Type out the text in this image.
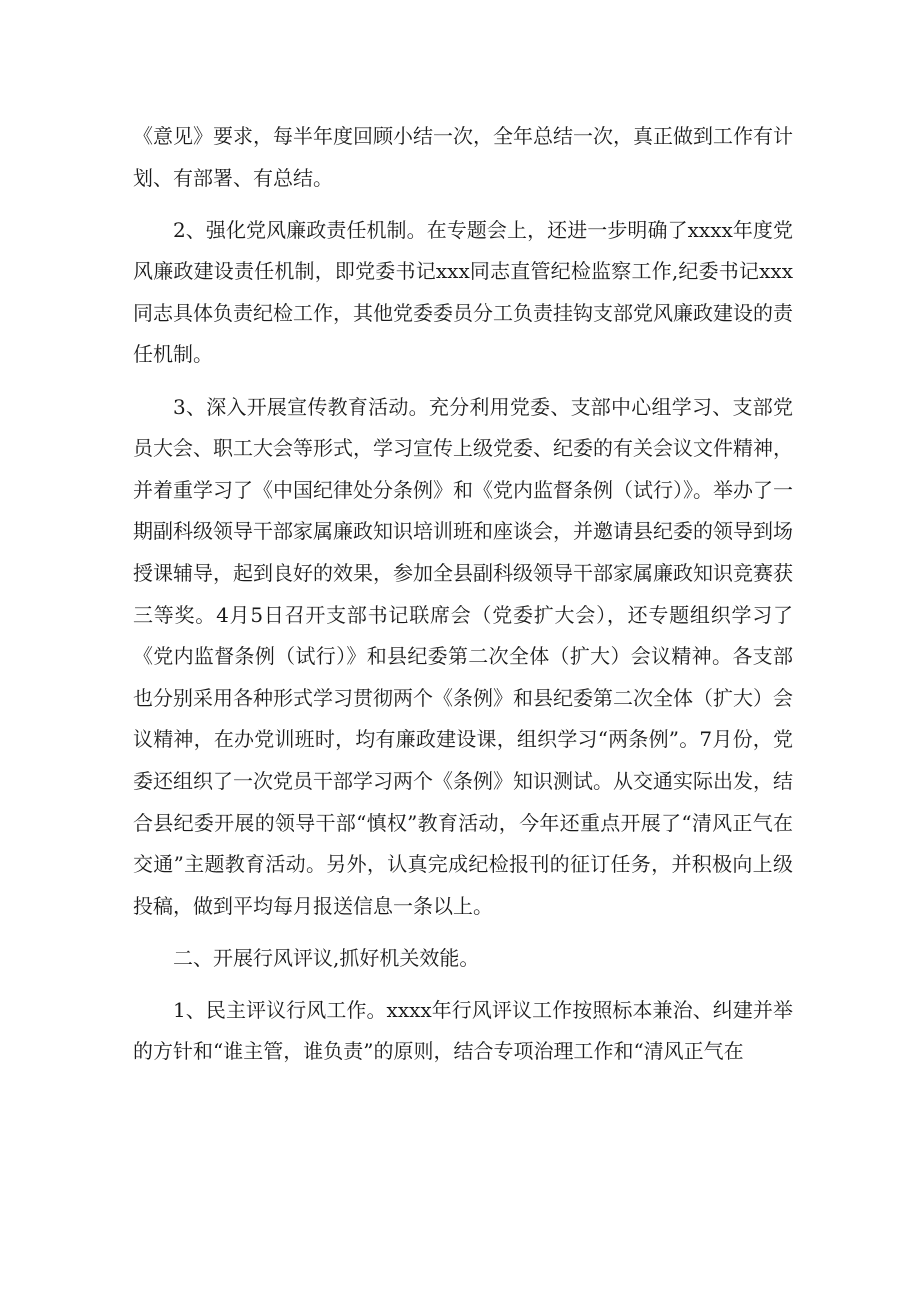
《意见》要求，每半年度回顾小结一次，全年总结一次，真正做到工作有计划、有部署、有总结。

2、强化党风廉政责任机制。在专题会上，还进一步明确了xxxx年度党风廉政建设责任机制，即党委书记xxx同志直管纪检监察工作,纪委书记xxx同志具体负责纪检工作，其他党委委员分工负责挂钩支部党风廉政建设的责任机制。

3、深入开展宣传教育活动。充分利用党委、支部中心组学习、支部党员大会、职工大会等形式，学习宣传上级党委、纪委的有关会议文件精神，并着重学习了《中国纪律处分条例》和《党内监督条例（试行）》。举办了一期副科级领导干部家属廉政知识培训班和座谈会，并邀请县纪委的领导到场授课辅导，起到良好的效果，参加全县副科级领导干部家属廉政知识竞赛获三等奖。4月5日召开支部书记联席会（党委扩大会），还专题组织学习了《党内监督条例（试行）》和县纪委第二次全体（扩大）会议精神。各支部也分别采用各种形式学习贯彻两个《条例》和县纪委第二次全体（扩大）会议精神，在办党训班时，均有廉政建设课，组织学习“两条例”。7月份，党委还组织了一次党员干部学习两个《条例》知识测试。从交通实际出发，结合县纪委开展的领导干部“慎权”教育活动，今年还重点开展了“清风正气在交通”主题教育活动。另外，认真完成纪检报刊的征订任务，并积极向上级投稿，做到平均每月报送信息一条以上。

二、开展行风评议,抓好机关效能。

1、民主评议行风工作。xxxx年行风评议工作按照标本兼治、纠建并举的方针和“谁主管，谁负责”的原则，结合专项治理工作和“清风正气在
